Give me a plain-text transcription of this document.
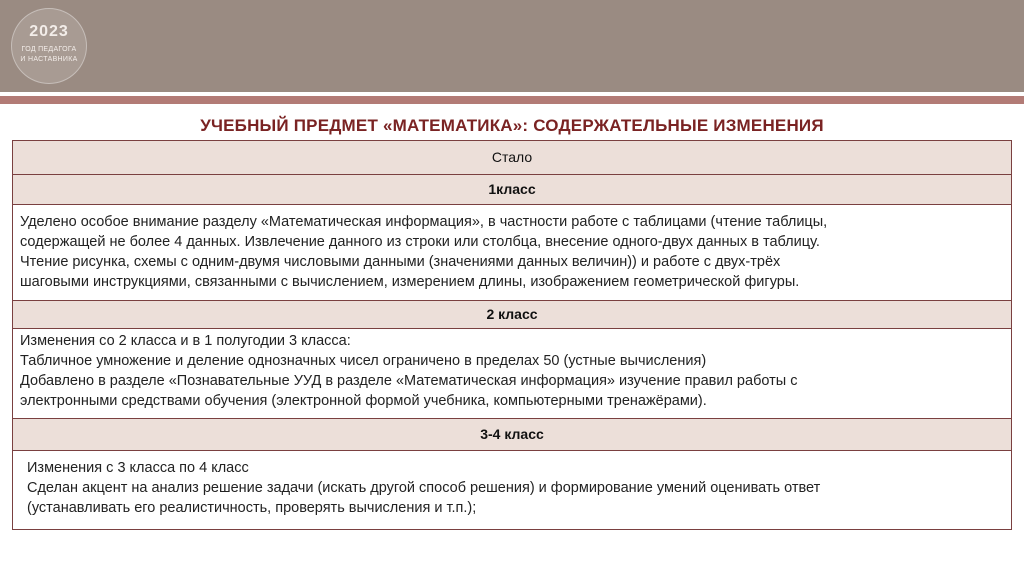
2023
ГОД ПЕДАГОГА
И НАСТАВНИКА
УЧЕБНЫЙ ПРЕДМЕТ «МАТЕМАТИКА»: СОДЕРЖАТЕЛЬНЫЕ ИЗМЕНЕНИЯ
Стало
1класс
Уделено особое внимание разделу «Математическая информация», в частности работе с таблицами (чтение таблицы,
содержащей не более 4 данных. Извлечение данного из строки или столбца, внесение одного-двух данных в таблицу.
Чтение рисунка, схемы с одним-двумя числовыми данными (значениями данных величин)) и работе с двух-трёх
шаговыми инструкциями, связанными с вычислением, измерением длины, изображением геометрической фигуры.
2 класс
Изменения со 2 класса и в 1 полугодии 3 класса:
Табличное умножение и деление однозначных чисел ограничено в пределах 50 (устные вычисления)
Добавлено в разделе «Познавательные УУД в разделе «Математическая информация» изучение правил работы с
электронными средствами обучения (электронной формой учебника, компьютерными тренажёрами).
3-4 класс
Изменения с 3 класса по 4 класс
Сделан акцент на анализ решение задачи (искать другой способ решения) и формирование умений оценивать ответ
(устанавливать его реалистичность, проверять вычисления и т.п.);
